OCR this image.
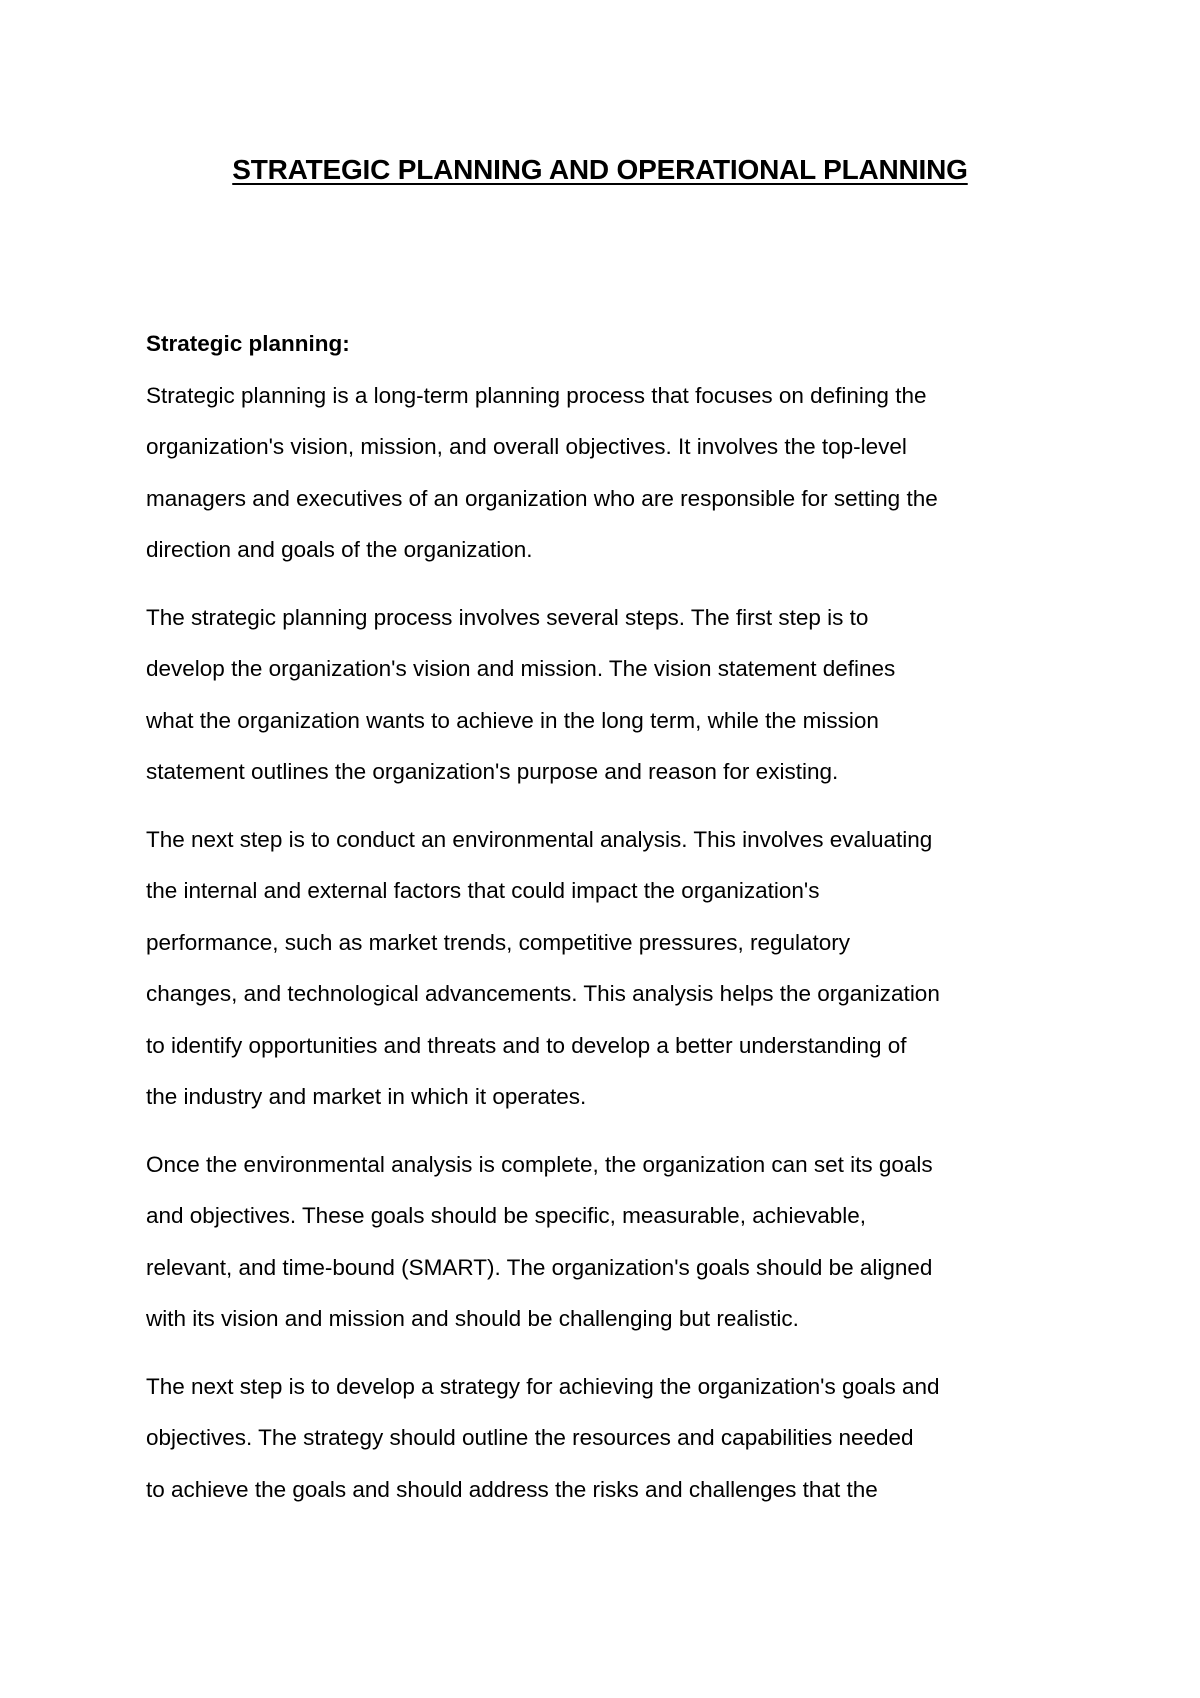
STRATEGIC PLANNING AND OPERATIONAL PLANNING

Strategic planning:

Strategic planning is a long-term planning process that focuses on defining the
organization's vision, mission, and overall objectives. It involves the top-level
managers and executives of an organization who are responsible for setting the
direction and goals of the organization.
The strategic planning process involves several steps. The first step is to
develop the organization's vision and mission. The vision statement defines
what the organization wants to achieve in the long term, while the mission
statement outlines the organization's purpose and reason for existing.
The next step is to conduct an environmental analysis. This involves evaluating
the internal and external factors that could impact the organization's
performance, such as market trends, competitive pressures, regulatory
changes, and technological advancements. This analysis helps the organization
to identify opportunities and threats and to develop a better understanding of
the industry and market in which it operates.
Once the environmental analysis is complete, the organization can set its goals
and objectives. These goals should be specific, measurable, achievable,
relevant, and time-bound (SMART). The organization's goals should be aligned
with its vision and mission and should be challenging but realistic.
The next step is to develop a strategy for achieving the organization's goals and
objectives. The strategy should outline the resources and capabilities needed
to achieve the goals and should address the risks and challenges that the
